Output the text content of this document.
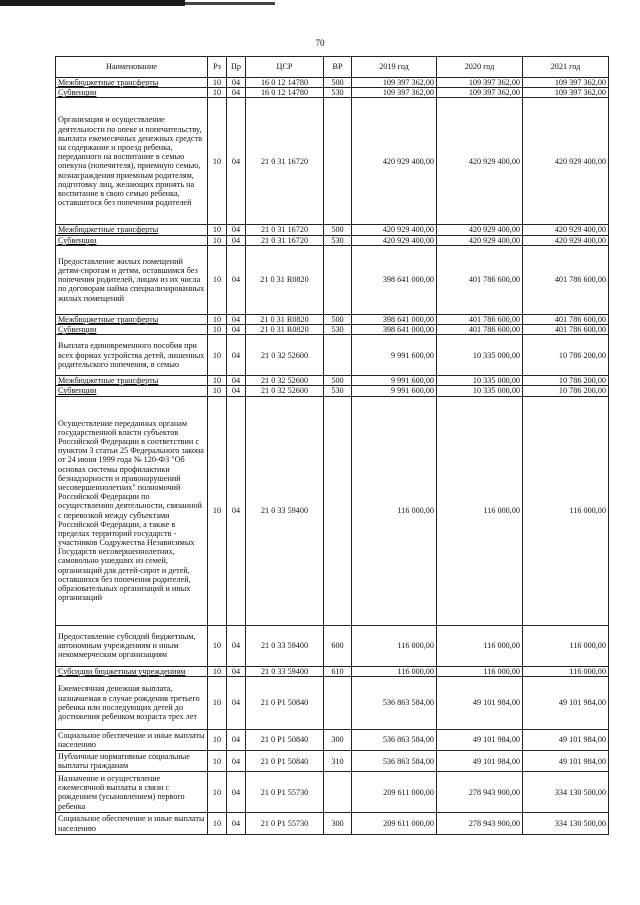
70
Наименование	Рз	Пр	ЦСР	ВР	2019 год	2020 год	2021 год
Межбюджетные трансферты	10	04	16 0 12 14780	500	109 397 362,00	109 397 362,00	109 397 362,00
Субвенции	10	04	16 0 12 14780	530	109 397 362,00	109 397 362,00	109 397 362,00
Организация и осуществление деятельности по опеке и попечительству, выплата ежемесячных денежных средств на содержание и проезд ребенка, переданного на воспитание в семью опекуна (попечителя), приемную семью, вознаграждения приемным родителям, подготовку лиц, желающих принять на воспитание в свою семью ребенка, оставшегося без попечения родителей	10	04	21 0 31 16720		420 929 400,00	420 929 400,00	420 929 400,00
Межбюджетные трансферты	10	04	21 0 31 16720	500	420 929 400,00	420 929 400,00	420 929 400,00
Субвенции	10	04	21 0 31 16720	530	420 929 400,00	420 929 400,00	420 929 400,00
Предоставление жилых помещений детям-сиротам и детям, оставшимся без попечения родителей, лицам из их числа по договорам найма специализированных жилых помещений	10	04	21 0 31 R0820		398 641 000,00	401 786 600,00	401 786 600,00
Межбюджетные трансферты	10	04	21 0 31 R0820	500	398 641 000,00	401 786 600,00	401 786 600,00
Субвенции	10	04	21 0 31 R0820	530	398 641 000,00	401 786 600,00	401 786 600,00
Выплата единовременного пособия при всех формах устройства детей, лишенных родительского попечения, в семью	10	04	21 0 32 52600		9 991 600,00	10 335 000,00	10 786 200,00
Межбюджетные трансферты	10	04	21 0 32 52600	500	9 991 600,00	10 335 000,00	10 786 200,00
Субвенции	10	04	21 0 32 52600	530	9 991 600,00	10 335 000,00	10 786 200,00
Осуществление переданных органам государственной власти субъектов Российской Федерации в соответствии с пунктом 3 статьи 25 Федерального закона от 24 июня 1999 года № 120-ФЗ "Об основах системы профилактики безнадзорности и правонарушений несовершеннолетних" полномочий Российской Федерации по осуществлению деятельности, связанной с перевозкой между субъектами Российской Федерации, а также в пределах территорий государств - участников Содружества Независимых Государств несовершеннолетних, самовольно ушедших из семей, организаций для детей-сирот и детей, оставшихся без попечения родителей, образовательных организаций и иных организаций	10	04	21 0 33 59400		116 000,00	116 000,00	116 000,00
Предоставление субсидий бюджетным, автономным учреждениям и иным некоммерческим организациям	10	04	21 0 33 59400	600	116 000,00	116 000,00	116 000,00
Субсидии бюджетным учреждениям	10	04	21 0 33 59400	610	116 000,00	116 000,00	116 000,00
Ежемесячная денежная выплата, назначаемая в случае рождения третьего ребенка или последующих детей до достижения ребенком возраста трех лет	10	04	21 0 P1 50840		536 863 584,00	49 101 984,00	49 101 984,00
Социальное обеспечение и иные выплаты населению	10	04	21 0 P1 50840	300	536 863 584,00	49 101 984,00	49 101 984,00
Публичные нормативные социальные выплаты гражданам	10	04	21 0 P1 50840	310	536 863 584,00	49 101 984,00	49 101 984,00
Назначение и осуществление ежемесячной выплаты в связи с рождением (усыновлением) первого ребенка	10	04	21 0 P1 55730		209 611 000,00	278 943 900,00	334 130 500,00
Социальное обеспечение и иные выплаты населению	10	04	21 0 P1 55730	300	209 611 000,00	278 943 900,00	334 130 500,00
